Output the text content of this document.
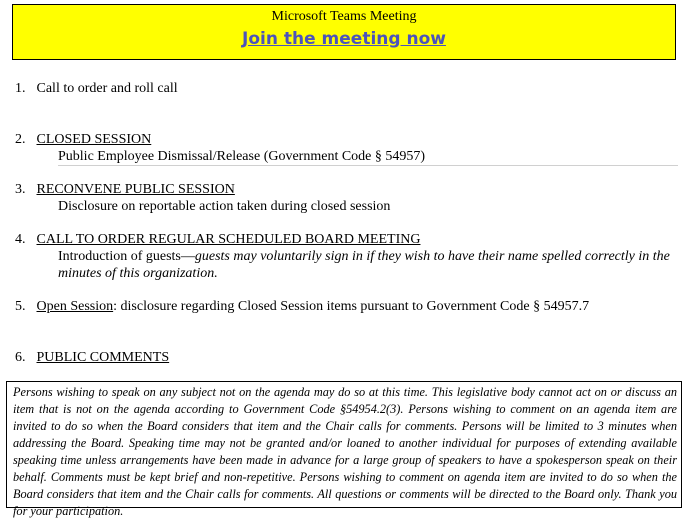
Microsoft Teams Meeting
Join the meeting now
1. Call to order and roll call
2. CLOSED SESSION
Public Employee Dismissal/Release (Government Code § 54957)
3. RECONVENE PUBLIC SESSION
Disclosure on reportable action taken during closed session
4. CALL TO ORDER REGULAR SCHEDULED BOARD MEETING
Introduction of guests—guests may voluntarily sign in if they wish to have their name spelled correctly in the
minutes of this organization.
5. Open Session: disclosure regarding Closed Session items pursuant to Government Code § 54957.7
6. PUBLIC COMMENTS
Persons wishing to speak on any subject not on the agenda may do so at this time. This legislative body cannot act on or discuss an item that is not on the agenda according to Government Code §54954.2(3). Persons wishing to comment on an agenda item are invited to do so when the Board considers that item and the Chair calls for comments. Persons will be limited to 3 minutes when addressing the Board. Speaking time may not be granted and/or loaned to another individual for purposes of extending available speaking time unless arrangements have been made in advance for a large group of speakers to have a spokesperson speak on their behalf. Comments must be kept brief and non-repetitive. Persons wishing to comment on agenda item are invited to do so when the Board considers that item and the Chair calls for comments. All questions or comments will be directed to the Board only. Thank you for your participation.
